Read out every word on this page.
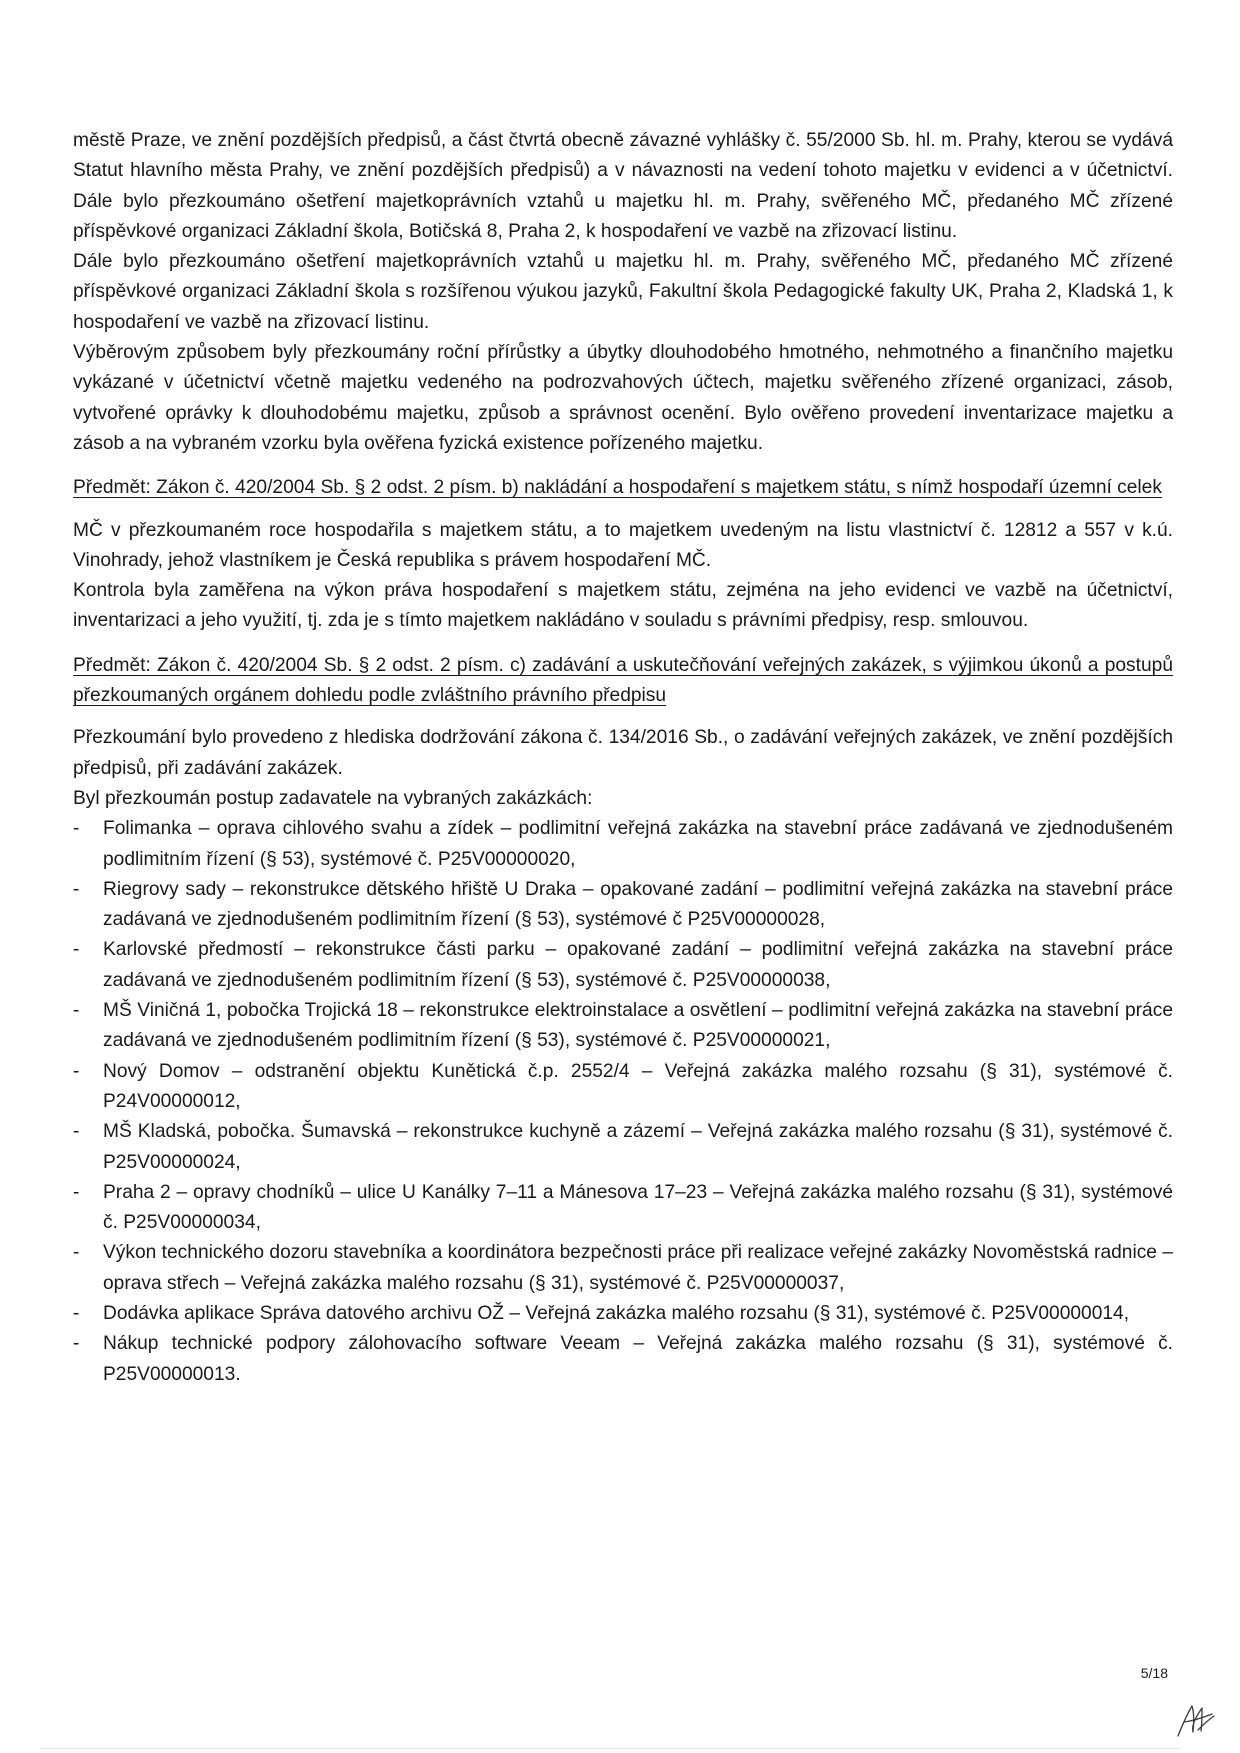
městě Praze, ve znění pozdějších předpisů, a část čtvrtá obecně závazné vyhlášky č. 55/2000 Sb. hl. m. Prahy, kterou se vydává Statut hlavního města Prahy, ve znění pozdějších předpisů) a v návaznosti na vedení tohoto majetku v evidenci a v účetnictví. Dále bylo přezkoumáno ošetření majetkoprávních vztahů u majetku hl. m. Prahy, svěřeného MČ, předaného MČ zřízené příspěvkové organizaci Základní škola, Botičská 8, Praha 2, k hospodaření ve vazbě na zřizovací listinu.

Dále bylo přezkoumáno ošetření majetkoprávních vztahů u majetku hl. m. Prahy, svěřeného MČ, předaného MČ zřízené příspěvkové organizaci Základní škola s rozšířenou výukou jazyků, Fakultní škola Pedagogické fakulty UK, Praha 2, Kladská 1, k hospodaření ve vazbě na zřizovací listinu.

Výběrovým způsobem byly přezkoumány roční přírůstky a úbytky dlouhodobého hmotného, nehmotného a finančního majetku vykázané v účetnictví včetně majetku vedeného na podrozvahových účtech, majetku svěřeného zřízené organizaci, zásob, vytvořené oprávky k dlouhodobému majetku, způsob a správnost ocenění. Bylo ověřeno provedení inventarizace majetku a zásob a na vybraném vzorku byla ověřena fyzická existence pořízeného majetku.

Předmět: Zákon č. 420/2004 Sb. § 2 odst. 2 písm. b) nakládání a hospodaření s majetkem státu, s nímž hospodaří územní celek

MČ v přezkoumaném roce hospodařila s majetkem státu, a to majetkem uvedeným na listu vlastnictví č. 12812 a 557 v k.ú. Vinohrady, jehož vlastníkem je Česká republika s právem hospodaření MČ.

Kontrola byla zaměřena na výkon práva hospodaření s majetkem státu, zejména na jeho evidenci ve vazbě na účetnictví, inventarizaci a jeho využití, tj. zda je s tímto majetkem nakládáno v souladu s právními předpisy, resp. smlouvou.

Předmět: Zákon č. 420/2004 Sb. § 2 odst. 2 písm. c) zadávání a uskutečňování veřejných zakázek, s výjimkou úkonů a postupů přezkoumaných orgánem dohledu podle zvláštního právního předpisu

Přezkoumání bylo provedeno z hlediska dodržování zákona č. 134/2016 Sb., o zadávání veřejných zakázek, ve znění pozdějších předpisů, při zadávání zakázek.

Byl přezkoumán postup zadavatele na vybraných zakázkách:

- Folimanka – oprava cihlového svahu a zídek – podlimitní veřejná zakázka na stavební práce zadávaná ve zjednodušeném podlimitním řízení (§ 53), systémové č. P25V00000020,
- Riegrovy sady – rekonstrukce dětského hřiště U Draka – opakované zadání – podlimitní veřejná zakázka na stavební práce zadávaná ve zjednodušeném podlimitním řízení (§ 53), systémové č P25V00000028,
- Karlovské předmostí – rekonstrukce části parku – opakované zadání – podlimitní veřejná zakázka na stavební práce zadávaná ve zjednodušeném podlimitním řízení (§ 53), systémové č. P25V00000038,
- MŠ Viničná 1, pobočka Trojická 18 – rekonstrukce elektroinstalace a osvětlení – podlimitní veřejná zakázka na stavební práce zadávaná ve zjednodušeném podlimitním řízení (§ 53), systémové č. P25V00000021,
- Nový Domov – odstranění objektu Kunětická č.p. 2552/4 – Veřejná zakázka malého rozsahu (§ 31), systémové č. P24V00000012,
- MŠ Kladská, pobočka. Šumavská – rekonstrukce kuchyně a zázemí – Veřejná zakázka malého rozsahu (§ 31), systémové č. P25V00000024,
- Praha 2 – opravy chodníků – ulice U Kanálky 7–11 a Mánesova 17–23 – Veřejná zakázka malého rozsahu (§ 31), systémové č. P25V00000034,
- Výkon technického dozoru stavebníka a koordinátora bezpečnosti práce při realizace veřejné zakázky Novoměstská radnice – oprava střech – Veřejná zakázka malého rozsahu (§ 31), systémové č. P25V00000037,
- Dodávka aplikace Správa datového archivu OŽ – Veřejná zakázka malého rozsahu (§ 31), systémové č. P25V00000014,
- Nákup technické podpory zálohovacího software Veeam – Veřejná zakázka malého rozsahu (§ 31), systémové č. P25V00000013.
5/18
